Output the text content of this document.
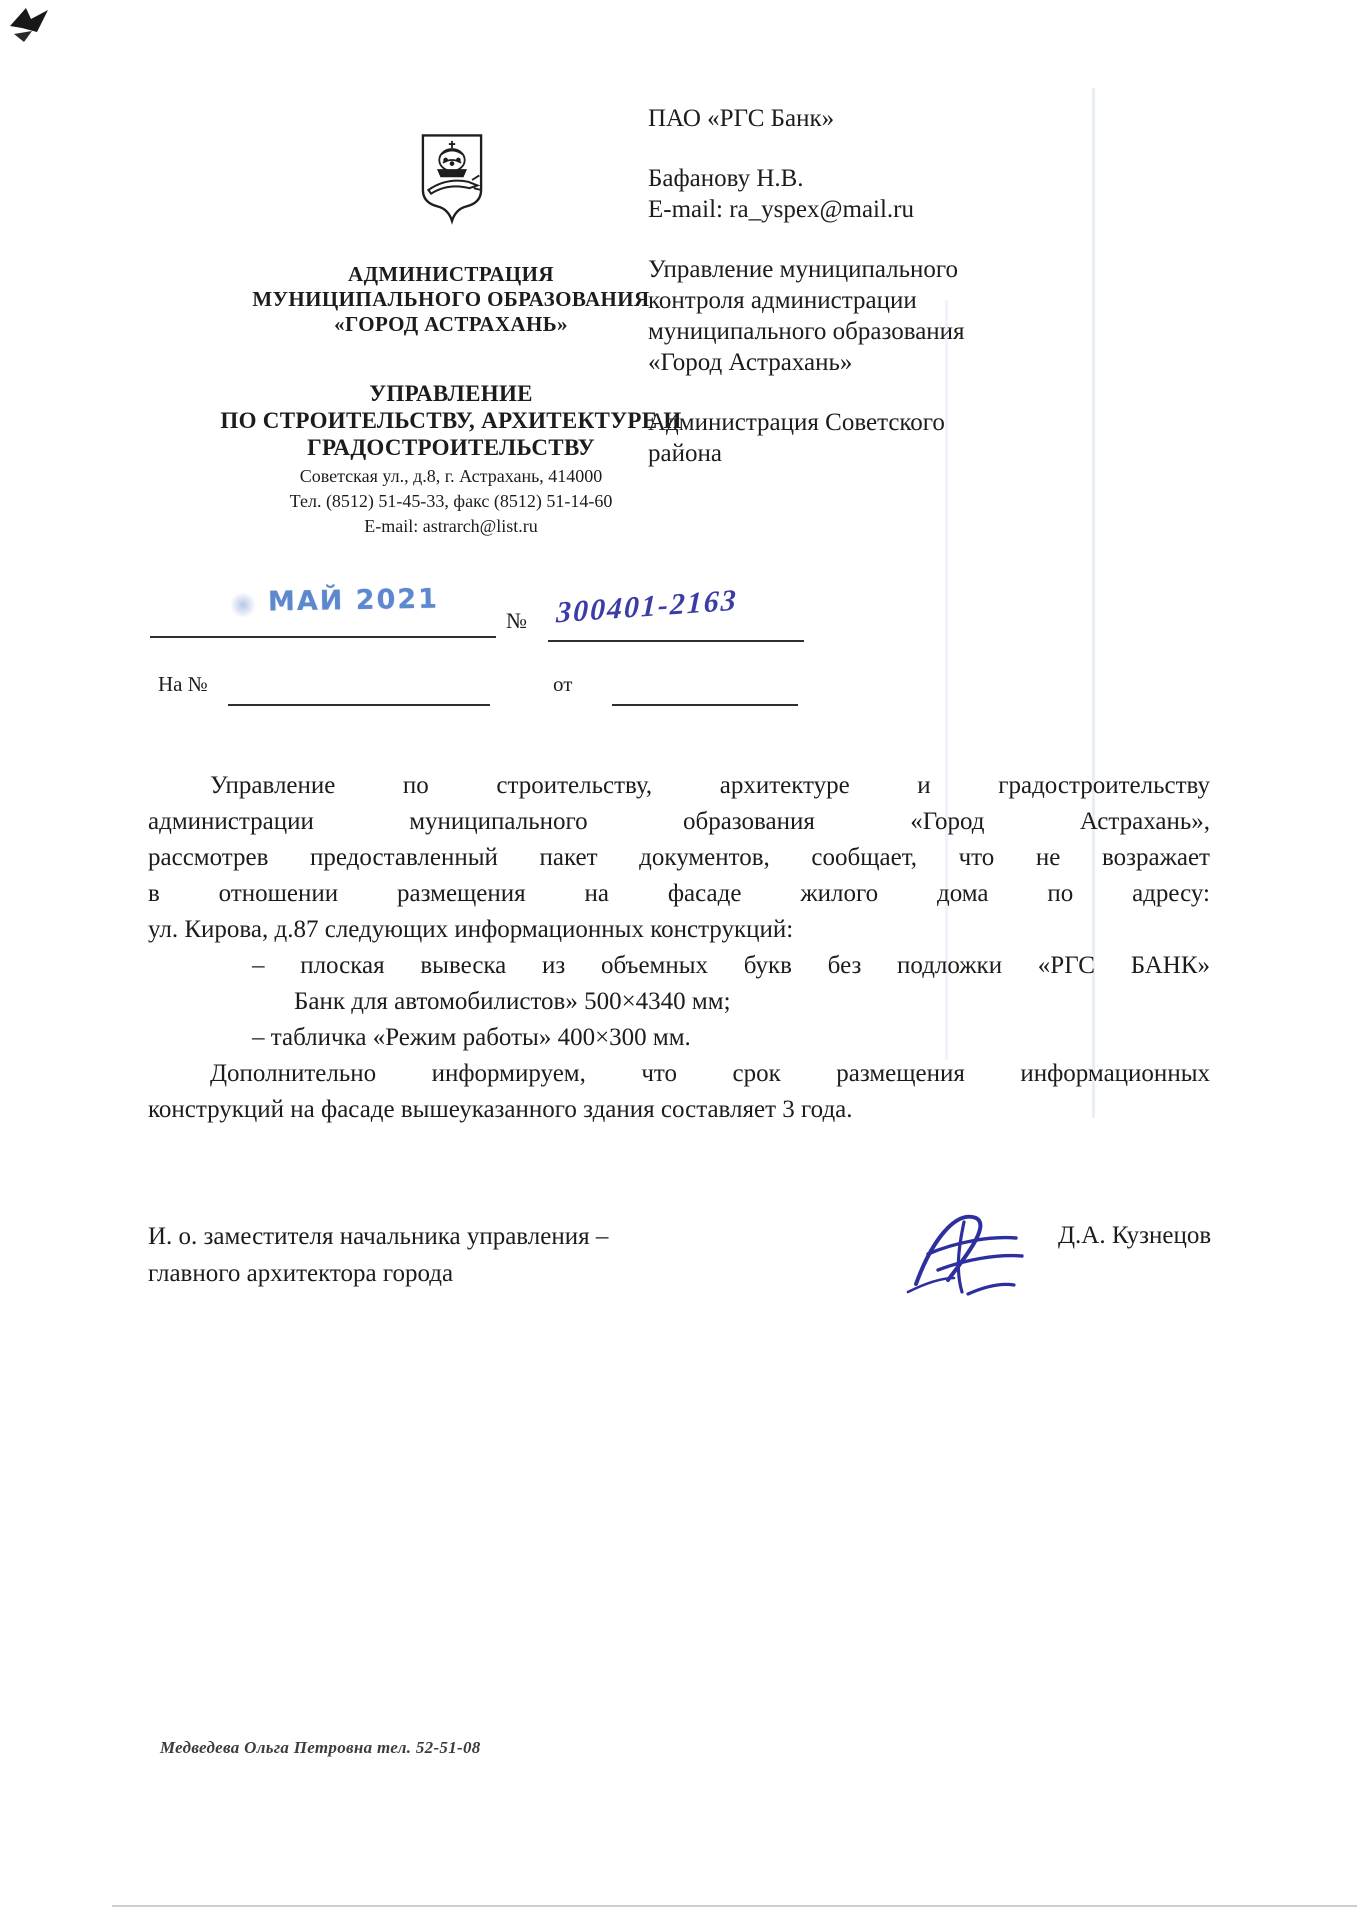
АДМИНИСТРАЦИЯ
МУНИЦИПАЛЬНОГО ОБРАЗОВАНИЯ
«ГОРОД АСТРАХАНЬ»
УПРАВЛЕНИЕ
ПО СТРОИТЕЛЬСТВУ, АРХИТЕКТУРЕ И
ГРАДОСТРОИТЕЛЬСТВУ
Советская ул., д.8, г. Астрахань, 414000
Тел. (8512) 51-45-33, факс (8512) 51-14-60
E-mail: astrarch@list.ru
МАЙ 2021
№ 300401-2163
На №	от
ПАО «РГС Банк»
Бафанову Н.В.
E-mail: ra_yspex@mail.ru
Управление муниципального контроля администрации муниципального образования «Город Астрахань»
Администрация Советского района
Управление по строительству, архитектуре и градостроительству
администрации муниципального образования «Город Астрахань»,
рассмотрев предоставленный пакет документов, сообщает, что не возражает
в отношении размещения на фасаде жилого дома по адресу:
ул. Кирова, д.87 следующих информационных конструкций:
– плоская вывеска из объемных букв без подложки «РГС БАНК»
Банк для автомобилистов» 500×4340 мм;
– табличка «Режим работы» 400×300 мм.
Дополнительно информируем, что срок размещения информационных
конструкций на фасаде вышеуказанного здания составляет 3 года.
И. о. заместителя начальника управления –
главного архитектора города
Д.А. Кузнецов
Медведева Ольга Петровна тел. 52-51-08
